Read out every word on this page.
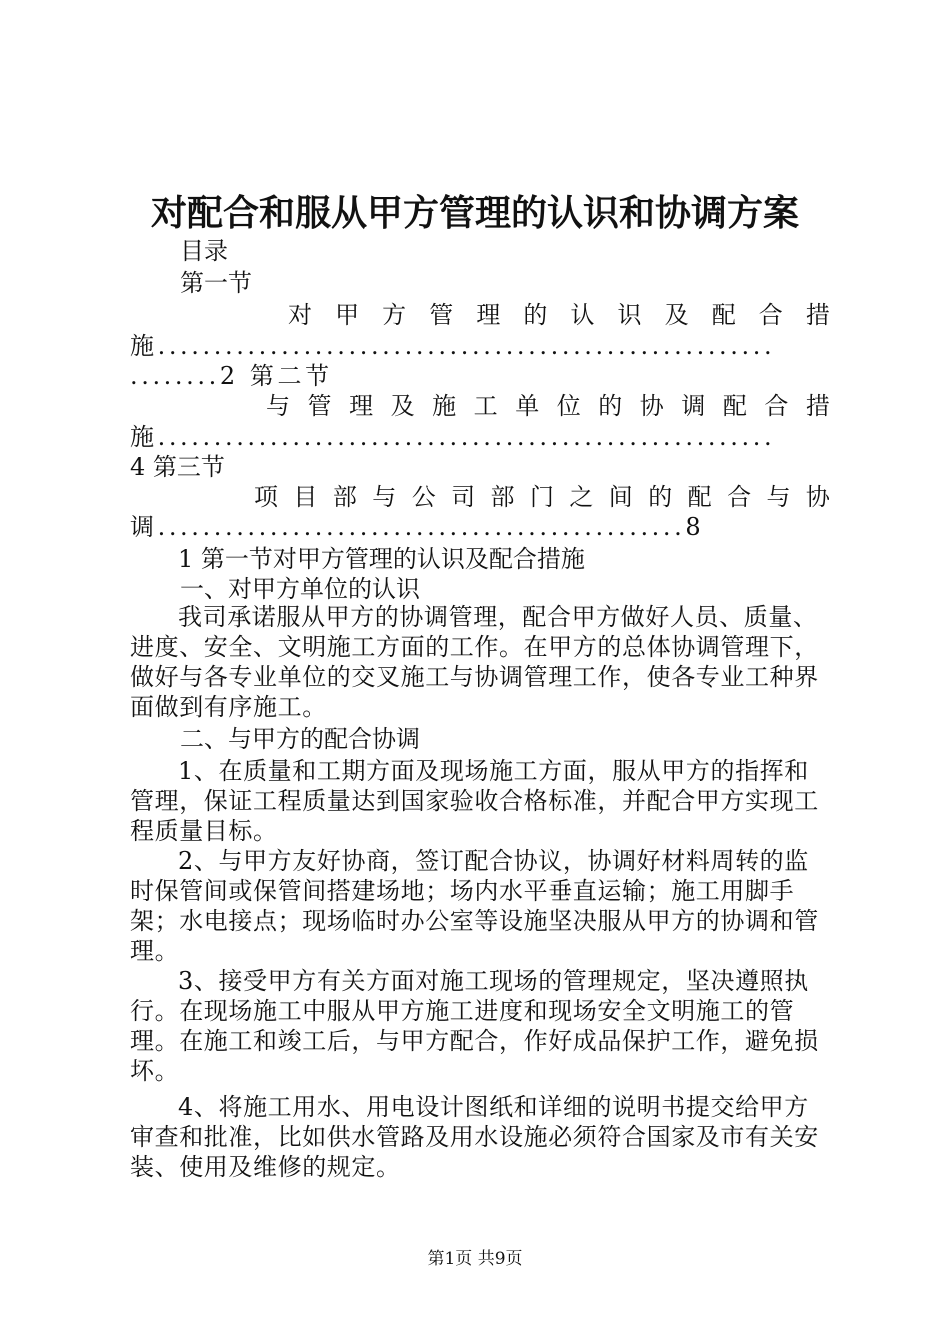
对配合和服从甲方管理的认识和协调方案
目录
第一节
对 甲 方 管 理 的 认 识 及 配 合 措
施.......................................................
........2 第二节
与 管 理 及 施 工 单 位 的 协 调 配 合 措
施.......................................................
4 第三节
项 目 部 与 公 司 部 门 之 间 的 配 合 与 协
调...............................................8
1 第一节对甲方管理的认识及配合措施
一、对甲方单位的认识
我司承诺服从甲方的协调管理，配合甲方做好人员、质量、进度、安全、文明施工方面的工作。在甲方的总体协调管理下，做好与各专业单位的交叉施工与协调管理工作，使各专业工种界面做到有序施工。
二、与甲方的配合协调
1、在质量和工期方面及现场施工方面，服从甲方的指挥和管理，保证工程质量达到国家验收合格标准，并配合甲方实现工程质量目标。
2、与甲方友好协商，签订配合协议，协调好材料周转的监时保管间或保管间搭建场地；场内水平垂直运输；施工用脚手架；水电接点；现场临时办公室等设施坚决服从甲方的协调和管理。
3、接受甲方有关方面对施工现场的管理规定，坚决遵照执行。在现场施工中服从甲方施工进度和现场安全文明施工的管理。在施工和竣工后，与甲方配合，作好成品保护工作，避免损坏。
4、将施工用水、用电设计图纸和详细的说明书提交给甲方审查和批准，比如供水管路及用水设施必须符合国家及市有关安装、使用及维修的规定。
第1页 共9页
